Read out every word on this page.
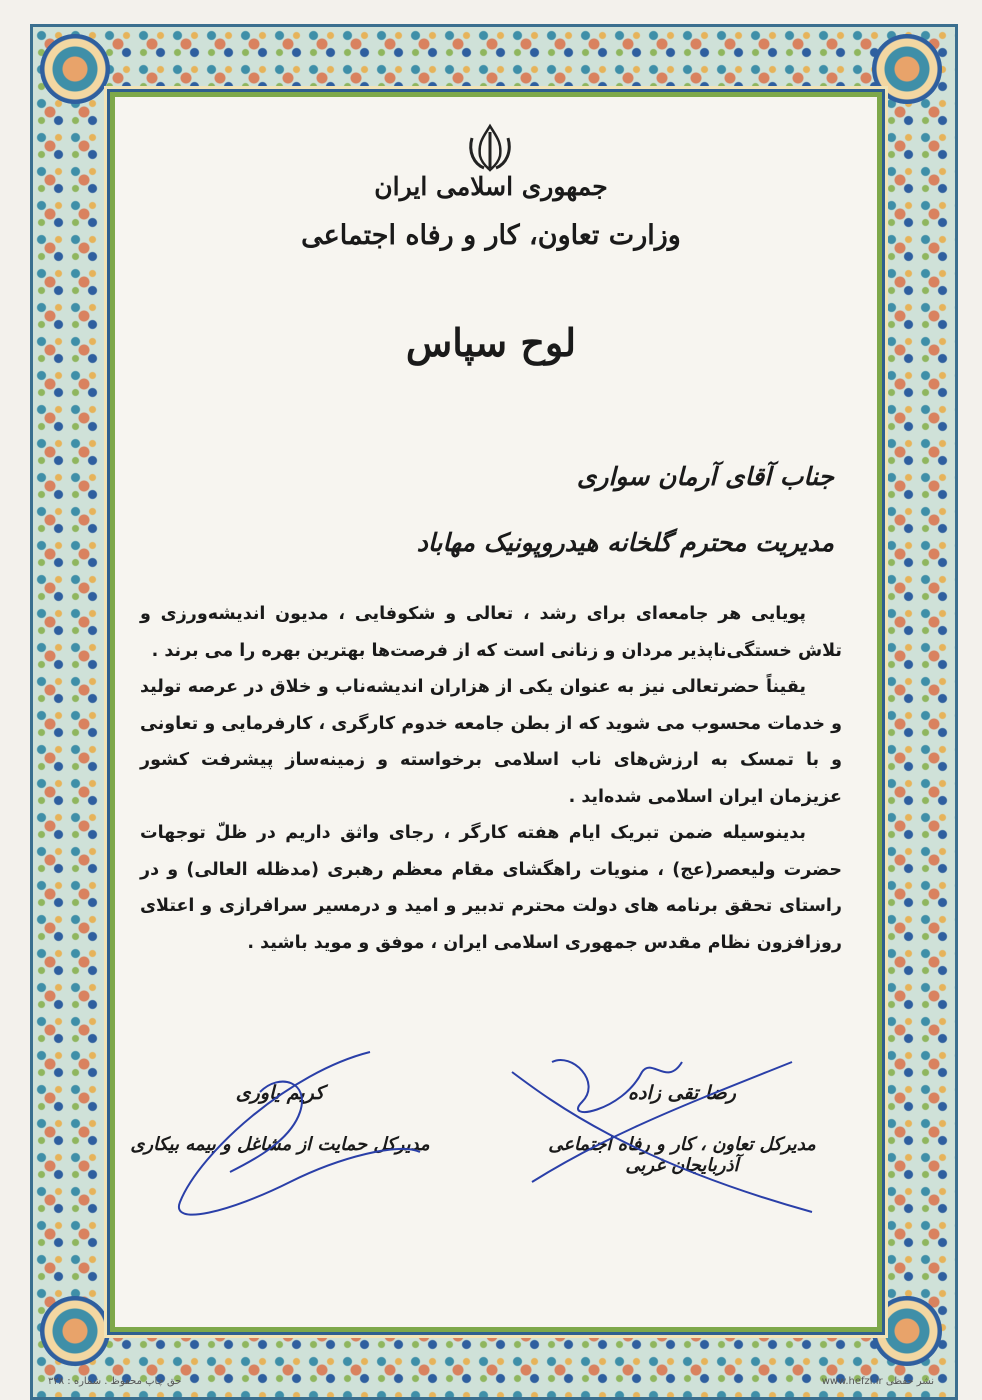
جمهوری اسلامی ایران
وزارت تعاون، کار و رفاه اجتماعی
لوح سپاس
جناب آقای آرمان سواری
مدیریت محترم گلخانه هیدروپونیک مهاباد

پویایی هر جامعه‌ای برای رشد ، تعالی و شکوفایی ، مدیون اندیشه‌ورزی و تلاش خستگی‌ناپذیر مردان و زنانی است که از فرصت‌ها بهترین بهره را می برند .

یقیناً حضرتعالی نیز به عنوان یکی از هزاران اندیشه‌ناب و خلاق در عرصه تولید و خدمات محسوب می شوید که از بطن جامعه خدوم کارگری ، کارفرمایی و تعاونی و با تمسک به ارزش‌های ناب اسلامی برخواسته و زمینه‌ساز پیشرفت کشور عزیزمان ایران اسلامی شده‌اید .

بدینوسیله ضمن تبریک ایام هفته کارگر ، رجای واثق داریم در ظلّ توجهات حضرت ولیعصر(عج) ، منویات راهگشای مقام معظم رهبری (مدظله العالی) و در راستای تحقق برنامه های دولت محترم تدبیر و امید و درمسیر سرافرازی و اعتلای روزافزون نظام مقدس جمهوری اسلامی ایران ، موفق و موید باشید .

رضا تقی زاده
مدیرکل تعاون ، کار و رفاه اجتماعی آذربایجان غربی
کریم یاوری
مدیرکل حمایت از مشاغل و بیمه بیکاری
حق چاپ محفوظ . شماره : ۳۲۸	www.hefzi.ir نشر حفظی
